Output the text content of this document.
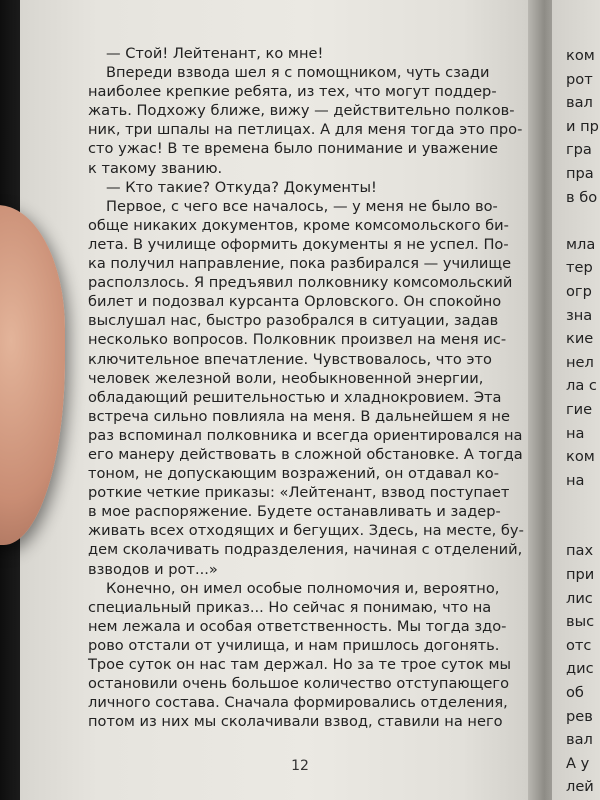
— Стой! Лейтенант, ко мне!
Впереди взвода шел я с помощником, чуть сзади
наиболее крепкие ребята, из тех, что могут поддер-
жать. Подхожу ближе, вижу — действительно полков-
ник, три шпалы на петлицах. А для меня тогда это про-
сто ужас! В те времена было понимание и уважение
к такому званию.
— Кто такие? Откуда? Документы!
Первое, с чего все началось, — у меня не было во-
обще никаких документов, кроме комсомольского би-
лета. В училище оформить документы я не успел. По-
ка получил направление, пока разбирался — училище
расползлось. Я предъявил полковнику комсомольский
билет и подозвал курсанта Орловского. Он спокойно
выслушал нас, быстро разобрался в ситуации, задав
несколько вопросов. Полковник произвел на меня ис-
ключительное впечатление. Чувствовалось, что это
человек железной воли, необыкновенной энергии,
обладающий решительностью и хладнокровием. Эта
встреча сильно повлияла на меня. В дальнейшем я не
раз вспоминал полковника и всегда ориентировался на
его манеру действовать в сложной обстановке. А тогда
тоном, не допускающим возражений, он отдавал ко-
роткие четкие приказы: «Лейтенант, взвод поступает
в мое распоряжение. Будете останавливать и задер-
живать всех отходящих и бегущих. Здесь, на месте, бу-
дем сколачивать подразделения, начиная с отделений,
взводов и рот...»
Конечно, он имел особые полномочия и, вероятно,
специальный приказ... Но сейчас я понимаю, что на
нем лежала и особая ответственность. Мы тогда здо-
рово отстали от училища, и нам пришлось догонять.
Трое суток он нас там держал. Но за те трое суток мы
остановили очень большое количество отступающего
личного состава. Сначала формировались отделения,
потом из них мы сколачивали взвод, ставили на него
ком
рот
вал
и пр
гра
пра
в бо
мла
тер
огр
зна
кие
нел
ла с
гие
на
ком
на
пах
при
лис
выс
отс
дис
об
рев
вал
А у
лей
12
